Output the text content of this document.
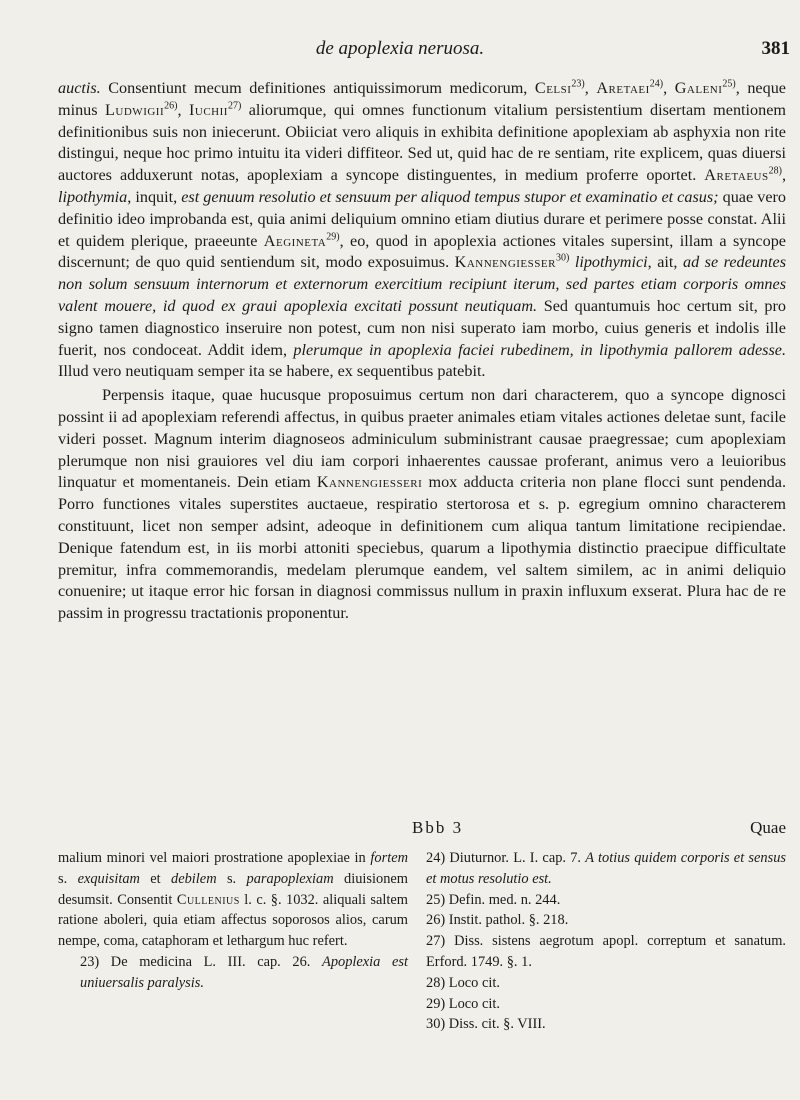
de apoplexia neruosa.	381

auctis. Consentiunt mecum definitiones antiquissimorum medicorum, Celsi$^{23)}$, Aretaei$^{24)}$, Galeni$^{25)}$, neque minus Ludwigii$^{26)}$, Iuchii$^{27)}$ aliorumque, qui omnes functionum vitalium persistentium disertam mentionem definitionibus suis non iniecerunt. Obiiciat vero aliquis in exhibita definitione apoplexiam ab asphyxia non rite distingui, neque hoc primo intuitu ita videri diffiteor. Sed ut, quid hac de re sentiam, rite explicem, quas diuersi auctores adduxerunt notas, apoplexiam a syncope distinguentes, in medium proferre oportet. Aretaeus$^{28)}$, lipothymia, inquit, est genuum resolutio et sensuum per aliquod tempus stupor et examinatio et casus; quae vero definitio ideo improbanda est, quia animi deliquium omnino etiam diutius durare et perimere posse constat. Alii et quidem plerique, praeeunte Aegineta$^{29)}$, eo, quod in apoplexia actiones vitales supersint, illam a syncope discernunt; de quo quid sentiendum sit, modo exposuimus. Kannengiesser$^{30)}$ lipothymici, ait, ad se redeuntes non solum sensuum internorum et externorum exercitium recipiunt iterum, sed partes etiam corporis omnes valent mouere, id quod ex graui apoplexia excitati possunt neutiquam. Sed quantumuis hoc certum sit, pro signo tamen diagnostico inseruire non potest, cum non nisi superato iam morbo, cuius generis et indolis ille fuerit, nos condoceat. Addit idem, plerumque in apoplexia faciei rubedinem, in lipothymia pallorem adesse. Illud vero neutiquam semper ita se habere, ex sequentibus patebit.

Perpensis itaque, quae hucusque proposuimus certum non dari characterem, quo a syncope dignosci possint ii ad apoplexiam referendi affectus, in quibus praeter animales etiam vitales actiones deletae sunt, facile videri posset. Magnum interim diagnoseos adminiculum subministrant causae praegressae; cum apoplexiam plerumque non nisi grauiores vel diu iam corpori inhaerentes caussae proferant, animus vero a leuioribus linquatur et momentaneis. Dein etiam Kannengiesseri mox adducta criteria non plane flocci sunt pendenda. Porro functiones vitales superstites auctaeue, respiratio stertorosa et s. p. egregium omnino characterem constituunt, licet non semper adsint, adeoque in definitionem cum aliqua tantum limitatione recipiendae. Denique fatendum est, in iis morbi attoniti speciebus, quarum a lipothymia distinctio praecipue difficultate premitur, infra commemorandis, medelam plerumque eandem, vel saltem similem, ac in animi deliquio conuenire; ut itaque error hic forsan in diagnosi commissus nullum in praxin influxum exserat. Plura hac de re passim in progressu tractationis proponentur.

Bbb 3	Quae

malium minori vel maiori prostratione apoplexiae in fortem s. exquisitam et debilem s. parapoplexiam diuisionem desumsit. Consentit Cullenius l. c. §. 1032. aliquali saltem ratione aboleri, quia etiam affectus soporosos alios, carum nempe, coma, cataphoram et lethargum huc refert.

23) De medicina L. III. cap. 26. Apoplexia est uniuersalis paralysis.

24) Diuturnor. L. I. cap. 7. A totius quidem corporis et sensus et motus resolutio est.

25) Defin. med. n. 244.

26) Instit. pathol. §. 218.

27) Diss. sistens aegrotum apopl. correptum et sanatum. Erford. 1749. §. 1.

28) Loco cit.

29) Loco cit.

30) Diss. cit. §. VIII.
